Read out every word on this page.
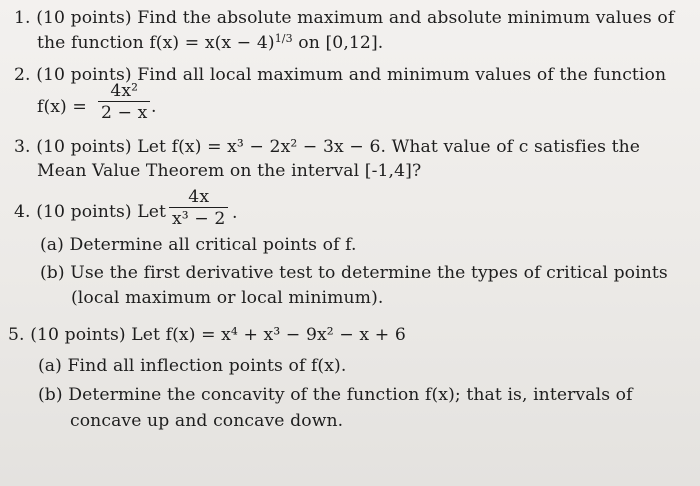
1. (10 points) Find the absolute maximum and absolute minimum values of
the function $f(x) = x(x - 4)^{1/3}$ on [0,12].
2. (10 points) Find all local maximum and minimum values of the function
f(x) =
4x²
2 − x .
3. (10 points) Let f(x) = x³ − 2x² − 3x − 6. What value of c satisfies the
Mean Value Theorem on the interval [-1,4]?
4. (10 points) Let
4x
x³ − 2 .
(a) Determine all critical points of f.
(b) Use the first derivative test to determine the types of critical points
(local maximum or local minimum).
5. (10 points) Let f(x) = x⁴ + x³ − 9x² − x + 6
(a) Find all inflection points of f(x).
(b) Determine the concavity of the function f(x); that is, intervals of
concave up and concave down.
